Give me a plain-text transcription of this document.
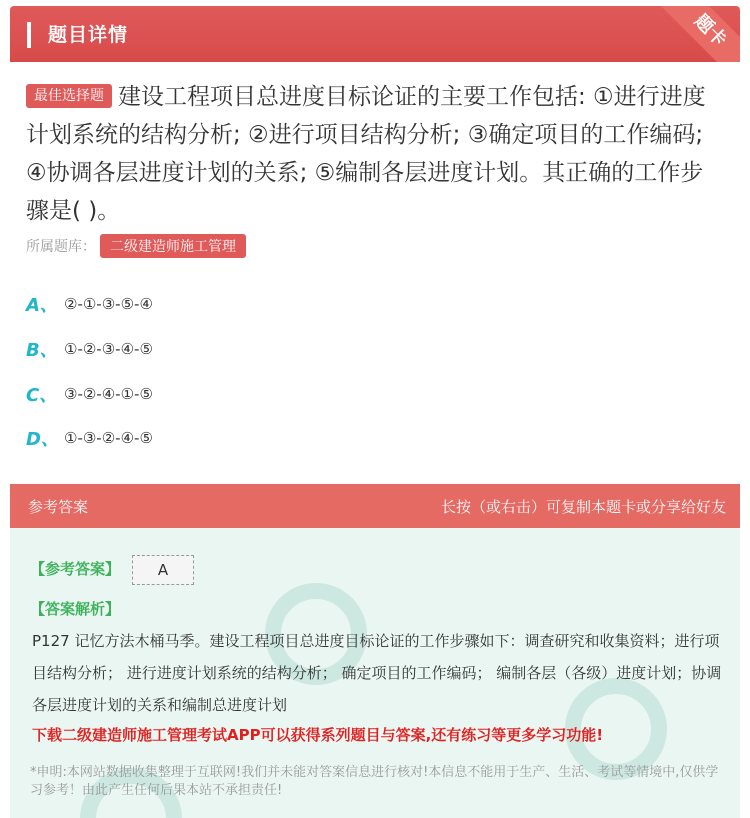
题目详情	题卡
最佳选择题 建设工程项目总进度目标论证的主要工作包括: ①进行进度计划系统的结构分析; ②进行项目结构分析; ③确定项目的工作编码; ④协调各层进度计划的关系; ⑤编制各层进度计划。其正确的工作步骤是( )。
所属题库：	二级建造师施工管理
A、 ②-①-③-⑤-④
B、 ①-②-③-④-⑤
C、 ③-②-④-①-⑤
D、 ①-③-②-④-⑤
参考答案	长按（或右击）可复制本题卡或分享给好友
【参考答案】	A
【答案解析】
P127 记忆方法木桶马季。建设工程项目总进度目标论证的工作步骤如下：调查研究和收集资料；进行项目结构分析； 进行进度计划系统的结构分析； 确定项目的工作编码； 编制各层（各级）进度计划；协调各层进度计划的关系和编制总进度计划
下载二级建造师施工管理考试APP可以获得系列题目与答案,还有练习等更多学习功能!
*申明:本网站数据收集整理于互联网!我们并未能对答案信息进行核对!本信息不能用于生产、生活、考试等情境中,仅供学习参考！由此产生任何后果本站不承担责任!
